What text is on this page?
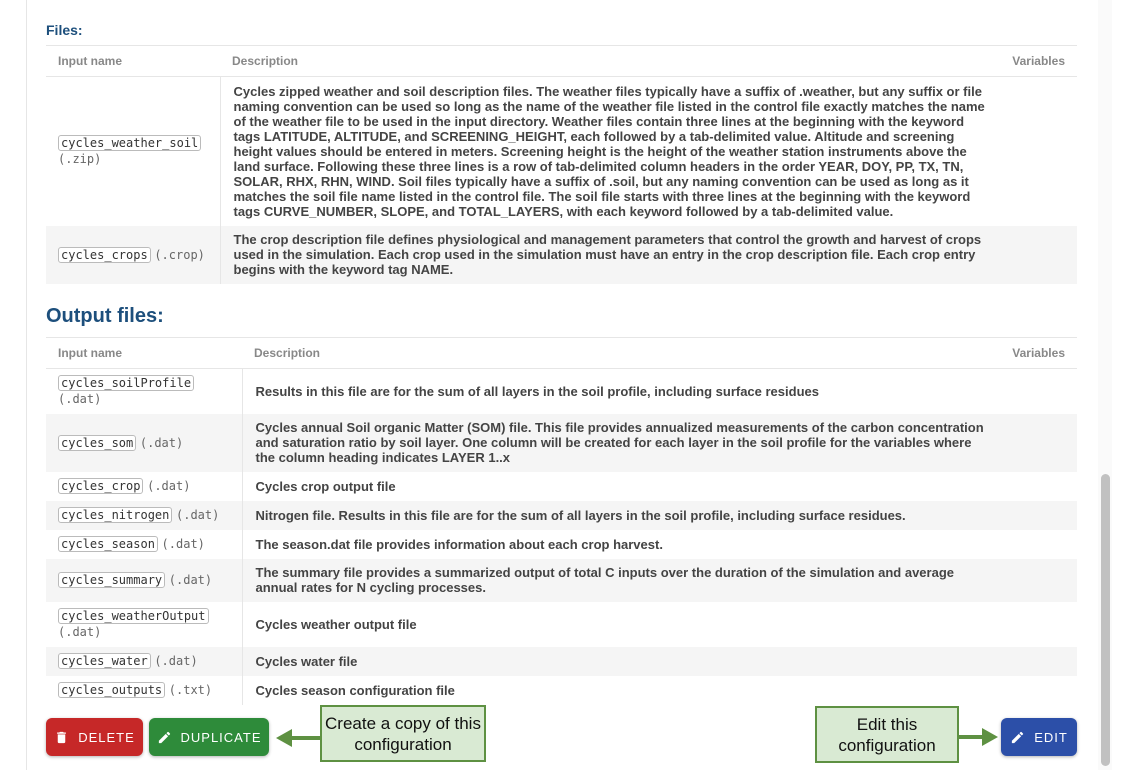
Files:
Input name	Description	Variables
cycles_weather_soil
(.zip)	Cycles zipped weather and soil description files. The weather files typically have a suffix of .weather, but any suffix or file naming convention can be used so long as the name of the weather file listed in the control file exactly matches the name of the weather file to be used in the input directory. Weather files contain three lines at the beginning with the keyword tags LATITUDE, ALTITUDE, and SCREENING_HEIGHT, each followed by a tab-delimited value. Altitude and screening height values should be entered in meters. Screening height is the height of the weather station instruments above the land surface. Following these three lines is a row of tab-delimited column headers in the order YEAR, DOY, PP, TX, TN, SOLAR, RHX, RHN, WIND. Soil files typically have a suffix of .soil, but any naming convention can be used as long as it matches the soil file name listed in the control file. The soil file starts with three lines at the beginning with the keyword tags CURVE_NUMBER, SLOPE, and TOTAL_LAYERS, with each keyword followed by a tab-delimited value.	
cycles_crops (.crop)	The crop description file defines physiological and management parameters that control the growth and harvest of crops used in the simulation. Each crop used in the simulation must have an entry in the crop description file. Each crop entry begins with the keyword tag NAME.	
Output files:
Input name	Description	Variables
cycles_soilProfile
(.dat)	Results in this file are for the sum of all layers in the soil profile, including surface residues	
cycles_som (.dat)	Cycles annual Soil organic Matter (SOM) file. This file provides annualized measurements of the carbon concentration and saturation ratio by soil layer. One column will be created for each layer in the soil profile for the variables where the column heading indicates LAYER 1..x	
cycles_crop (.dat)	Cycles crop output file	
cycles_nitrogen (.dat)	Nitrogen file. Results in this file are for the sum of all layers in the soil profile, including surface residues.	
cycles_season (.dat)	The season.dat file provides information about each crop harvest.	
cycles_summary (.dat)	The summary file provides a summarized output of total C inputs over the duration of the simulation and average annual rates for N cycling processes.	
cycles_weatherOutput
(.dat)	Cycles weather output file	
cycles_water (.dat)	Cycles water file	
cycles_outputs (.txt)	Cycles season configuration file	
DELETE	DUPLICATE	EDIT
Create a copy of this configuration
Edit this configuration
